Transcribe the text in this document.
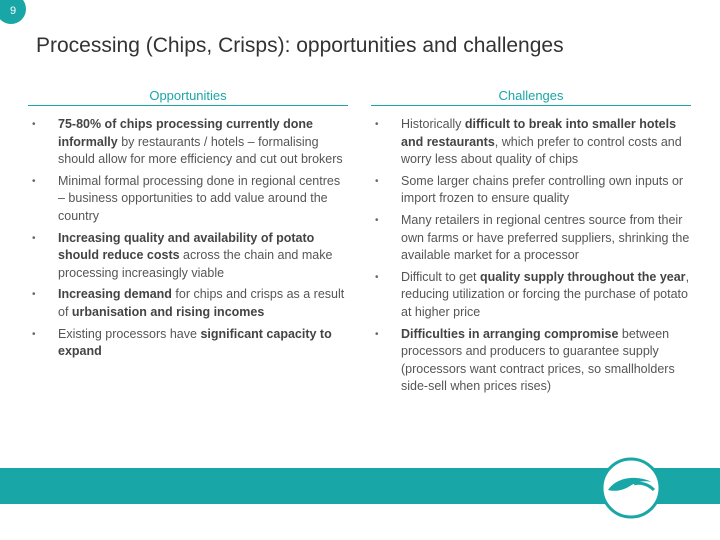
9
Processing (Chips, Crisps): opportunities and challenges
Opportunities
• 75-80% of chips processing currently done informally by restaurants / hotels – formalising should allow for more efficiency and cut out brokers
• Minimal formal processing done in regional centres – business opportunities to add value around the country
• Increasing quality and availability of potato should reduce costs across the chain and make processing increasingly viable
• Increasing demand for chips and crisps as a result of urbanisation and rising incomes
• Existing processors have significant capacity to expand
Challenges
• Historically difficult to break into smaller hotels and restaurants, which prefer to control costs and worry less about quality of chips
• Some larger chains prefer controlling own inputs or import frozen to ensure quality
• Many retailers in regional centres source from their own farms or have preferred suppliers, shrinking the available market for a processor
• Difficult to get quality supply throughout the year, reducing utilization or forcing the purchase of potato at higher price
• Difficulties in arranging compromise between processors and producers to guarantee supply (processors want contract prices, so smallholders side-sell when prices rises)
